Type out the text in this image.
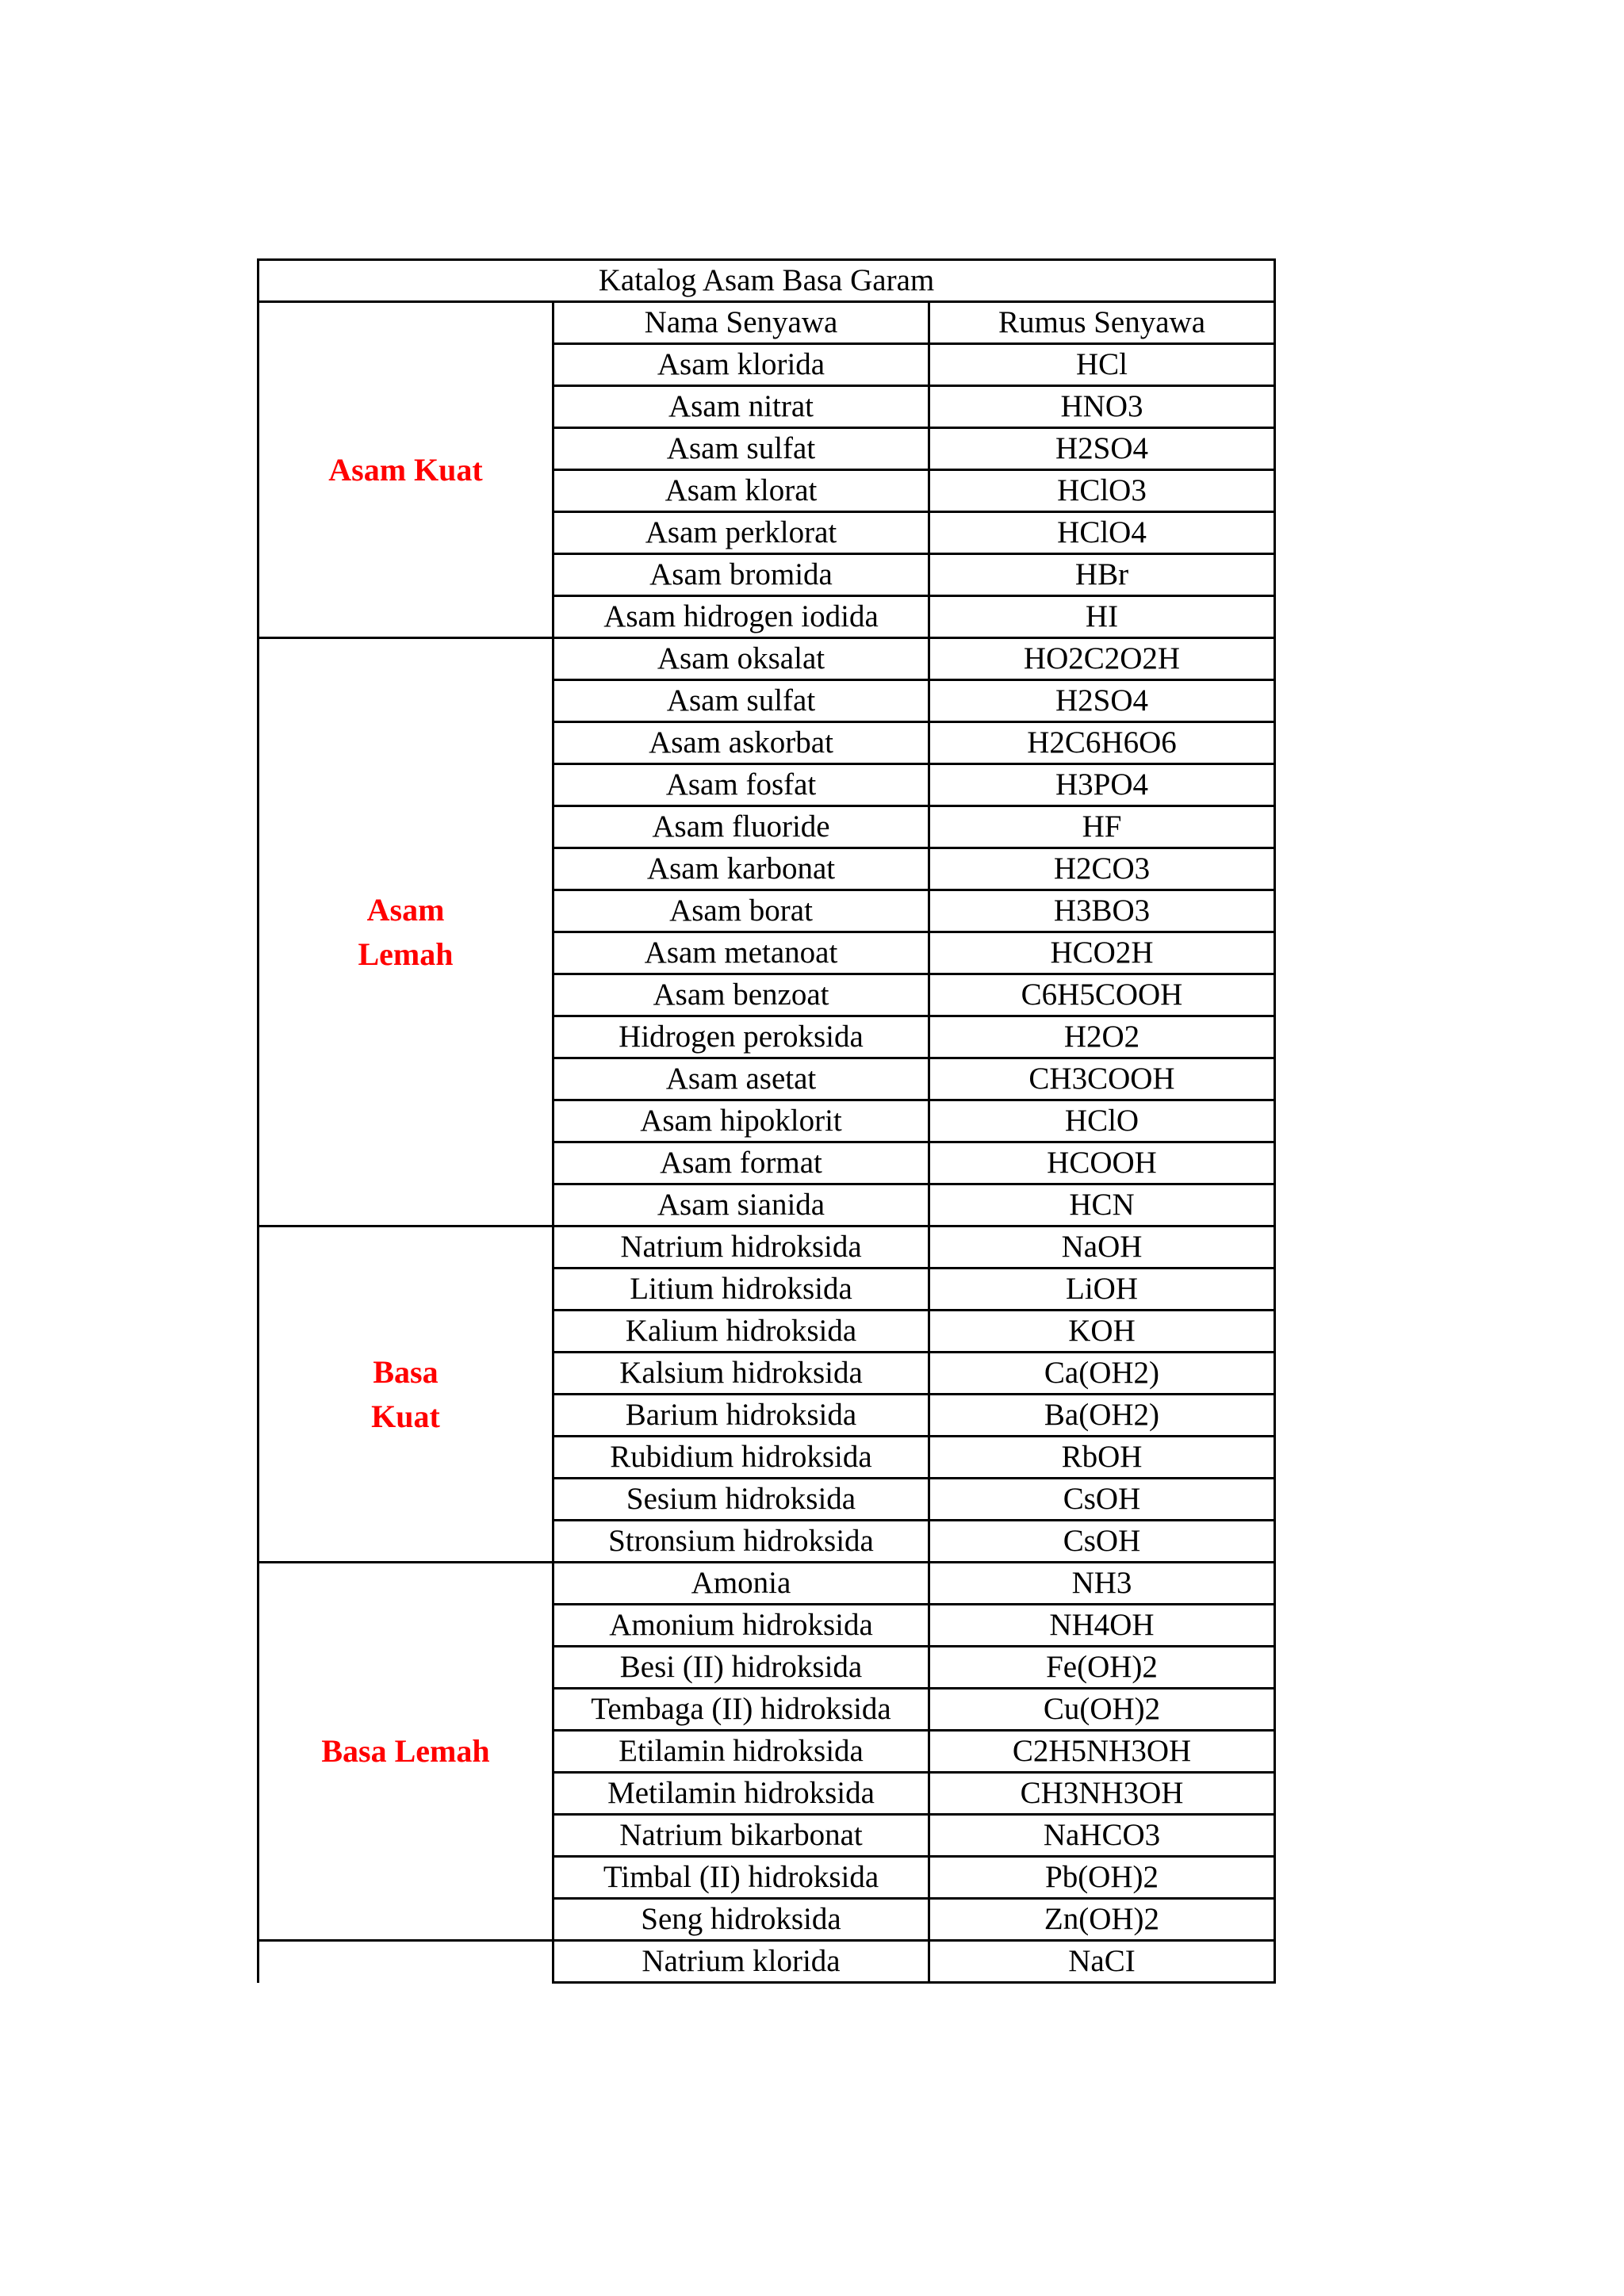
Katalog Asam Basa Garam		

Asam Kuat	Nama Senyawa	Rumus Senyawa
	Asam klorida	HCl
	Asam nitrat	HNO3
	Asam sulfat	H2SO4
	Asam klorat	HClO3
	Asam perklorat	HClO4
	Asam bromida	HBr
	Asam hidrogen iodida	HI

Asam
Lemah	Asam oksalat	HO2C2O2H
	Asam sulfat	H2SO4
	Asam askorbat	H2C6H6O6
	Asam fosfat	H3PO4
	Asam fluoride	HF
	Asam karbonat	H2CO3
	Asam borat	H3BO3
	Asam metanoat	HCO2H
	Asam benzoat	C6H5COOH
	Hidrogen peroksida	H2O2
	Asam asetat	CH3COOH
	Asam hipoklorit	HClO
	Asam format	HCOOH
	Asam sianida	HCN

Basa
Kuat	Natrium hidroksida	NaOH
	Litium hidroksida	LiOH
	Kalium hidroksida	KOH
	Kalsium hidroksida	Ca(OH2)
	Barium hidroksida	Ba(OH2)
	Rubidium hidroksida	RbOH
	Sesium hidroksida	CsOH
	Stronsium hidroksida	CsOH

Basa Lemah	Amonia	NH3
	Amonium hidroksida	NH4OH
	Besi (II) hidroksida	Fe(OH)2
	Tembaga (II) hidroksida	Cu(OH)2
	Etilamin hidroksida	C2H5NH3OH
	Metilamin hidroksida	CH3NH3OH
	Natrium bikarbonat	NaHCO3
	Timbal (II) hidroksida	Pb(OH)2
	Seng hidroksida	Zn(OH)2
	Natrium klorida	NaCI
